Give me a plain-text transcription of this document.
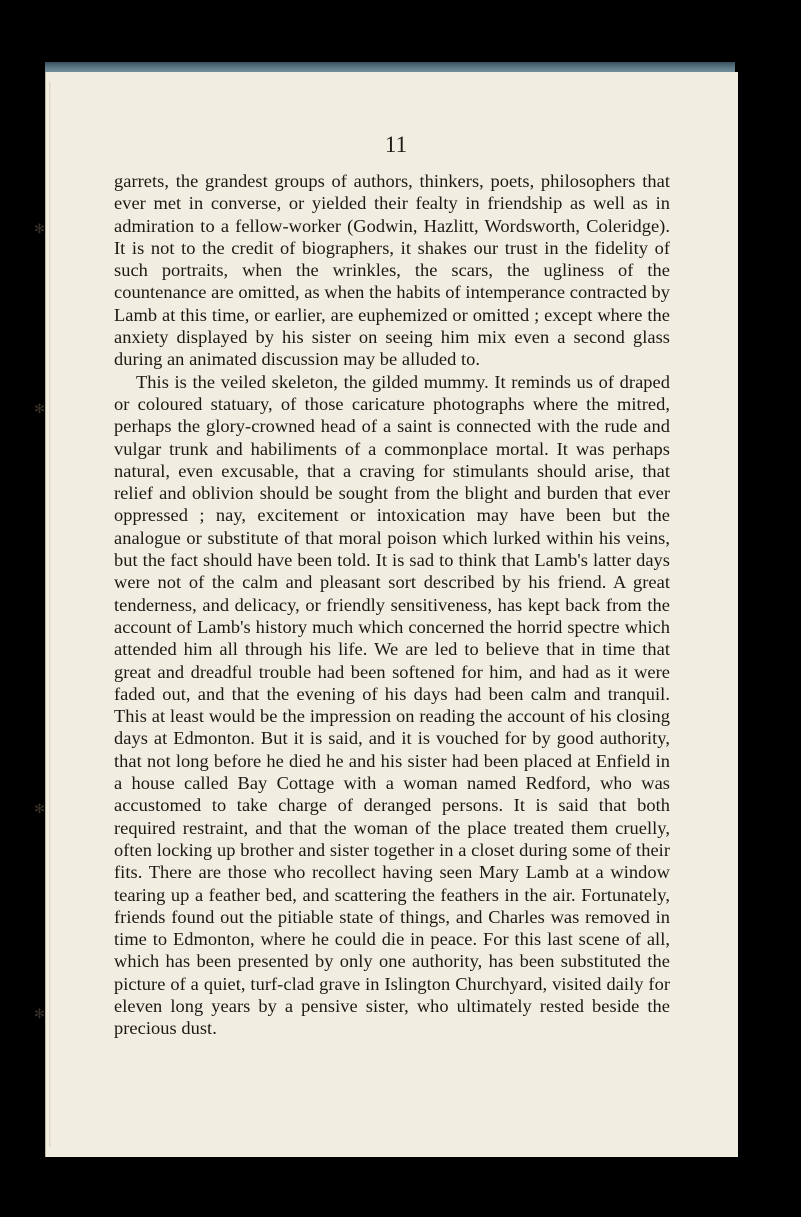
✻
✻
✻
✻
11

garrets, the grandest groups of authors, thinkers, poets, philosophers that ever met in converse, or yielded their fealty in friendship as well as in admiration to a fellow-worker (Godwin, Hazlitt, Wordsworth, Coleridge). It is not to the credit of biographers, it shakes our trust in the fidelity of such portraits, when the wrinkles, the scars, the ugliness of the countenance are omitted, as when the habits of intemperance contracted by Lamb at this time, or earlier, are euphemized or omitted ; except where the anxiety displayed by his sister on seeing him mix even a second glass during an animated discussion may be alluded to.

This is the veiled skeleton, the gilded mummy. It reminds us of draped or coloured statuary, of those caricature photographs where the mitred, perhaps the glory-crowned head of a saint is connected with the rude and vulgar trunk and habiliments of a commonplace mortal. It was perhaps natural, even excusable, that a craving for stimulants should arise, that relief and oblivion should be sought from the blight and burden that ever oppressed ; nay, excitement or intoxication may have been but the analogue or substitute of that moral poison which lurked within his veins, but the fact should have been told. It is sad to think that Lamb's latter days were not of the calm and pleasant sort described by his friend. A great tenderness, and delicacy, or friendly sensitiveness, has kept back from the account of Lamb's history much which concerned the horrid spectre which attended him all through his life. We are led to believe that in time that great and dreadful trouble had been softened for him, and had as it were faded out, and that the evening of his days had been calm and tranquil. This at least would be the impression on reading the account of his closing days at Edmonton. But it is said, and it is vouched for by good authority, that not long before he died he and his sister had been placed at Enfield in a house called Bay Cottage with a woman named Redford, who was accustomed to take charge of deranged persons. It is said that both required restraint, and that the woman of the place treated them cruelly, often locking up brother and sister together in a closet during some of their fits. There are those who recollect having seen Mary Lamb at a window tearing up a feather bed, and scattering the feathers in the air. Fortunately, friends found out the pitiable state of things, and Charles was removed in time to Edmonton, where he could die in peace. For this last scene of all, which has been presented by only one authority, has been substituted the picture of a quiet, turf-clad grave in Islington Churchyard, visited daily for eleven long years by a pensive sister, who ultimately rested beside the precious dust.
